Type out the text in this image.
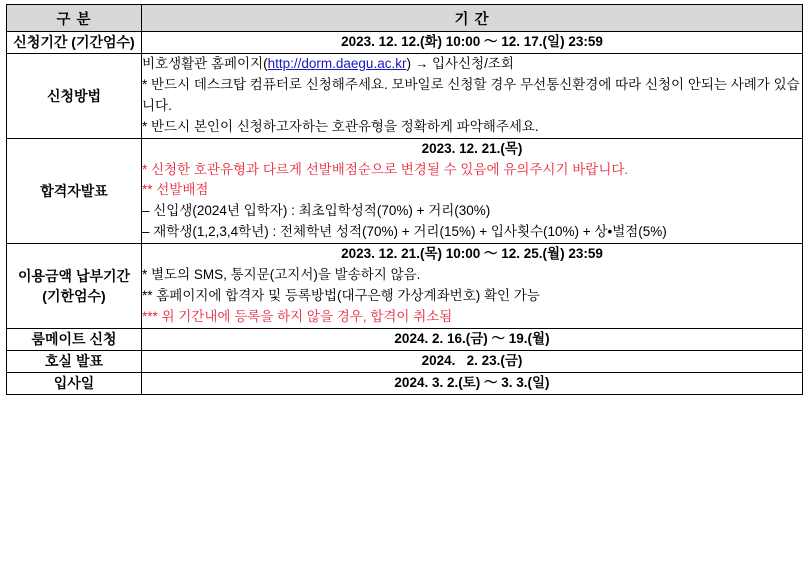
구 분	기 간
신청기간 (기간엄수)	2023. 12. 12.(화) 10:00 ～ 12. 17.(일) 23:59

신청방법	비호생활관 홈페이지(http://dorm.daegu.ac.kr) → 입사신청/조회
* 반드시 데스크탑 컴퓨터로 신청해주세요. 모바일로 신청할 경우 무선통신환경에 따라 신청이 안되는 사례가 있습니다.
* 반드시 본인이 신청하고자하는 호관유형을 정확하게 파악해주세요.

합격자발표	2023. 12. 21.(목)
* 신청한 호관유형과 다르게 선발배점순으로 변경될 수 있음에 유의주시기 바랍니다.
** 선발배점
– 신입생(2024년 입학자) : 최초입학성적(70%) + 거리(30%)
– 재학생(1,2,3,4학년) : 전체학년 성적(70%) + 거리(15%) + 입사횟수(10%) + 상•벌점(5%)

이용금액 납부기간 (기한엄수)	2023. 12. 21.(목) 10:00 ～ 12. 25.(월) 23:59
* 별도의 SMS, 통지문(고지서)을 발송하지 않음.
** 홈페이지에 합격자 및 등록방법(대구은행 가상계좌번호) 확인 가능
*** 위 기간내에 등록을 하지 않을 경우, 합격이 취소됨

룸메이트 신청	2024. 2. 16.(금) ～ 19.(월)

호실 발표	2024.   2. 23.(금)

입사일	2024. 3. 2.(토) ～ 3. 3.(일)
